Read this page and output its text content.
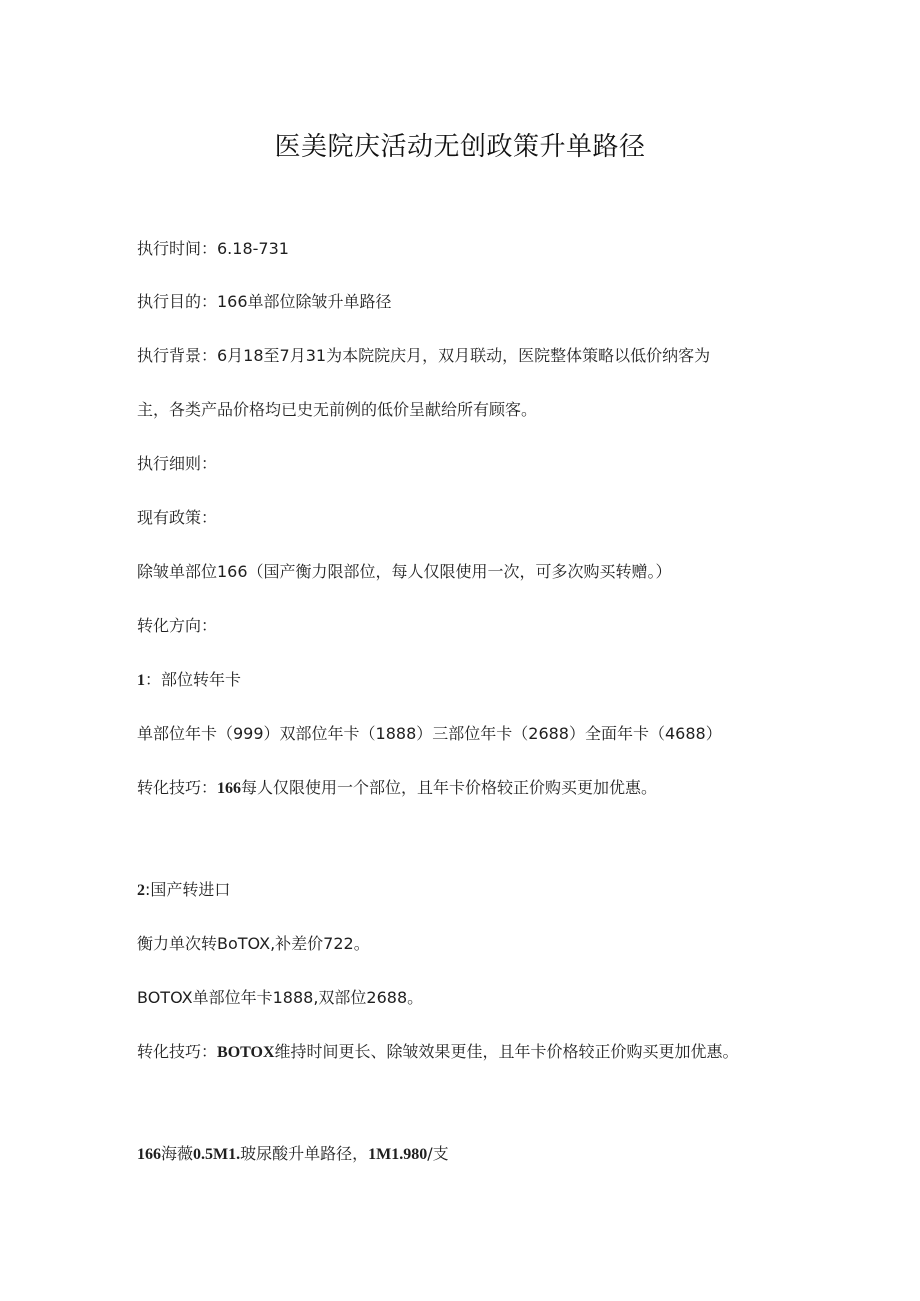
医美院庆活动无创政策升单路径
执行时间：6.18-731
执行目的：166单部位除皱升单路径
执行背景：6月18至7月31为本院院庆月，双月联动，医院整体策略以低价纳客为
主，各类产品价格均已史无前例的低价呈献给所有顾客。
执行细则：
现有政策：
除皱单部位166（国产衡力限部位，每人仅限使用一次，可多次购买转赠。）
转化方向：
1：部位转年卡
单部位年卡（999）双部位年卡（1888）三部位年卡（2688）全面年卡（4688）
转化技巧：166每人仅限使用一个部位，且年卡价格较正价购买更加优惠。
2:国产转进口
衡力单次转BoTOX,补差价722。
BOTOX单部位年卡1888,双部位2688。
转化技巧：BOTOX维持时间更长、除皱效果更佳，且年卡价格较正价购买更加优惠。
166海薇0.5M1.玻尿酸升单路径，1M1.980/支
